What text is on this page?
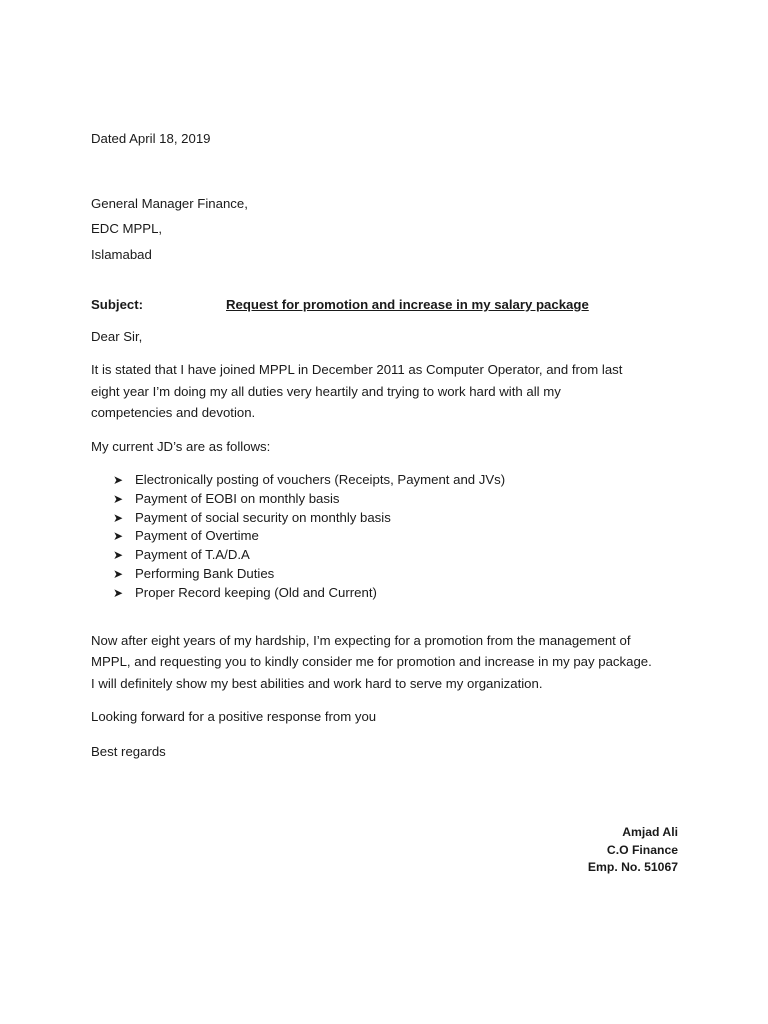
Dated April 18, 2019
General Manager Finance,
EDC MPPL,
Islamabad
Subject:	Request for promotion and increase in my salary package
Dear Sir,
It is stated that I have joined MPPL in December 2011 as Computer Operator, and from last
eight year I’m doing my all duties very heartily and trying to work hard with all my
competencies and devotion.
My current JD’s are as follows:
➤ Electronically posting of vouchers (Receipts, Payment and JVs)
➤ Payment of EOBI on monthly basis
➤ Payment of social security on monthly basis
➤ Payment of Overtime
➤ Payment of T.A/D.A
➤ Performing Bank Duties
➤ Proper Record keeping (Old and Current)
Now after eight years of my hardship, I’m expecting for a promotion from the management of
MPPL, and requesting you to kindly consider me for promotion and increase in my pay package.
I will definitely show my best abilities and work hard to serve my organization.
Looking forward for a positive response from you
Best regards
Amjad Ali
C.O Finance
Emp. No. 51067
